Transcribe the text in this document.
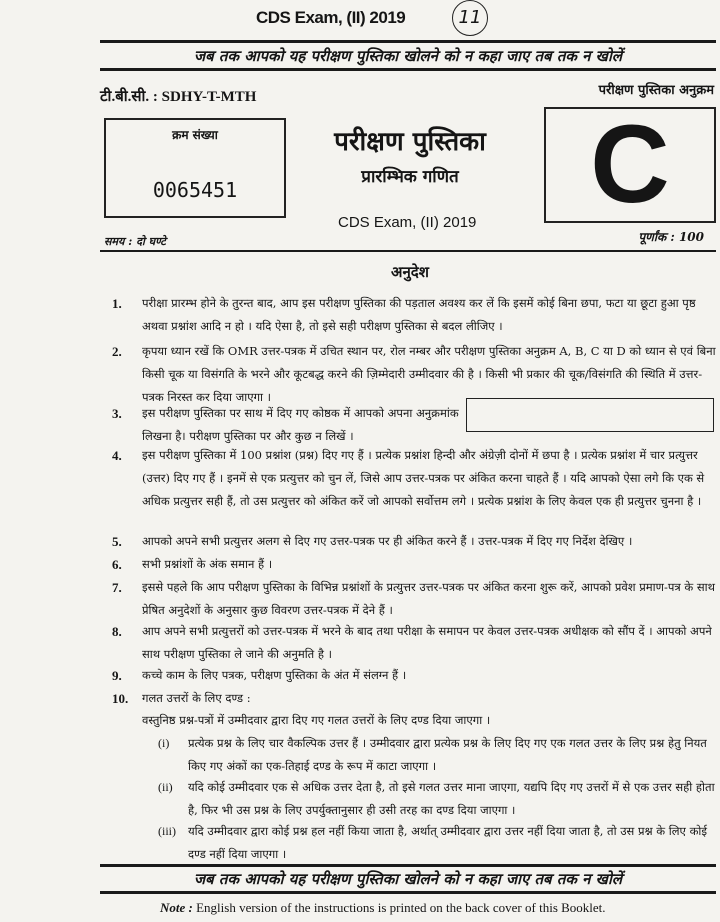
CDS Exam, (II) 2019	11
जब तक आपको यह परीक्षण पुस्तिका खोलने को न कहा जाए तब तक न खोलें
टी.बी.सी. : SDHY-T-MTH	परीक्षण पुस्तिका अनुक्रम
क्रम संख्या
0065451
परीक्षण पुस्तिका
प्रारम्भिक गणित
CDS Exam, (II) 2019	C
समय : दो घण्टे	पूर्णांक : 100
अनुदेश
1. परीक्षा प्रारम्भ होने के तुरन्त बाद, आप इस परीक्षण पुस्तिका की पड़ताल अवश्य कर लें कि इसमें कोई बिना छपा, फटा या छूटा हुआ पृष्ठ अथवा प्रश्नांश आदि न हो । यदि ऐसा है, तो इसे सही परीक्षण पुस्तिका से बदल लीजिए ।
2. कृपया ध्यान रखें कि OMR उत्तर-पत्रक में उचित स्थान पर, रोल नम्बर और परीक्षण पुस्तिका अनुक्रम A, B, C या D को ध्यान से एवं बिना किसी चूक या विसंगति के भरने और कूटबद्ध करने की ज़िम्मेदारी उम्मीदवार की है । किसी भी प्रकार की चूक/विसंगति की स्थिति में उत्तर-पत्रक निरस्त कर दिया जाएगा ।
3. इस परीक्षण पुस्तिका पर साथ में दिए गए कोष्ठक में आपको अपना अनुक्रमांक लिखना है। परीक्षण पुस्तिका पर और कुछ न लिखें ।
4. इस परीक्षण पुस्तिका में 100 प्रश्नांश (प्रश्न) दिए गए हैं । प्रत्येक प्रश्नांश हिन्दी और अंग्रेज़ी दोनों में छपा है । प्रत्येक प्रश्नांश में चार प्रत्युत्तर (उत्तर) दिए गए हैं । इनमें से एक प्रत्युत्तर को चुन लें, जिसे आप उत्तर-पत्रक पर अंकित करना चाहते हैं । यदि आपको ऐसा लगे कि एक से अधिक प्रत्युत्तर सही हैं, तो उस प्रत्युत्तर को अंकित करें जो आपको सर्वोत्तम लगे । प्रत्येक प्रश्नांश के लिए केवल एक ही प्रत्युत्तर चुनना है ।
5. आपको अपने सभी प्रत्युत्तर अलग से दिए गए उत्तर-पत्रक पर ही अंकित करने हैं । उत्तर-पत्रक में दिए गए निर्देश देखिए ।
6. सभी प्रश्नांशों के अंक समान हैं ।
7. इससे पहले कि आप परीक्षण पुस्तिका के विभिन्न प्रश्नांशों के प्रत्युत्तर उत्तर-पत्रक पर अंकित करना शुरू करें, आपको प्रवेश प्रमाण-पत्र के साथ प्रेषित अनुदेशों के अनुसार कुछ विवरण उत्तर-पत्रक में देने हैं ।
8. आप अपने सभी प्रत्युत्तरों को उत्तर-पत्रक में भरने के बाद तथा परीक्षा के समापन पर केवल उत्तर-पत्रक अधीक्षक को सौंप दें । आपको अपने साथ परीक्षण पुस्तिका ले जाने की अनुमति है ।
9. कच्चे काम के लिए पत्रक, परीक्षण पुस्तिका के अंत में संलग्न हैं ।
10. गलत उत्तरों के लिए दण्ड :
वस्तुनिष्ठ प्रश्न-पत्रों में उम्मीदवार द्वारा दिए गए गलत उत्तरों के लिए दण्ड दिया जाएगा ।
(i) प्रत्येक प्रश्न के लिए चार वैकल्पिक उत्तर हैं । उम्मीदवार द्वारा प्रत्येक प्रश्न के लिए दिए गए एक गलत उत्तर के लिए प्रश्न हेतु नियत किए गए अंकों का एक-तिहाई दण्ड के रूप में काटा जाएगा ।
(ii) यदि कोई उम्मीदवार एक से अधिक उत्तर देता है, तो इसे गलत उत्तर माना जाएगा, यद्यपि दिए गए उत्तरों में से एक उत्तर सही होता है, फिर भी उस प्रश्न के लिए उपर्युक्तानुसार ही उसी तरह का दण्ड दिया जाएगा ।
(iii) यदि उम्मीदवार द्वारा कोई प्रश्न हल नहीं किया जाता है, अर्थात् उम्मीदवार द्वारा उत्तर नहीं दिया जाता है, तो उस प्रश्न के लिए कोई दण्ड नहीं दिया जाएगा ।
जब तक आपको यह परीक्षण पुस्तिका खोलने को न कहा जाए तब तक न खोलें
Note : English version of the instructions is printed on the back cover of this Booklet.
